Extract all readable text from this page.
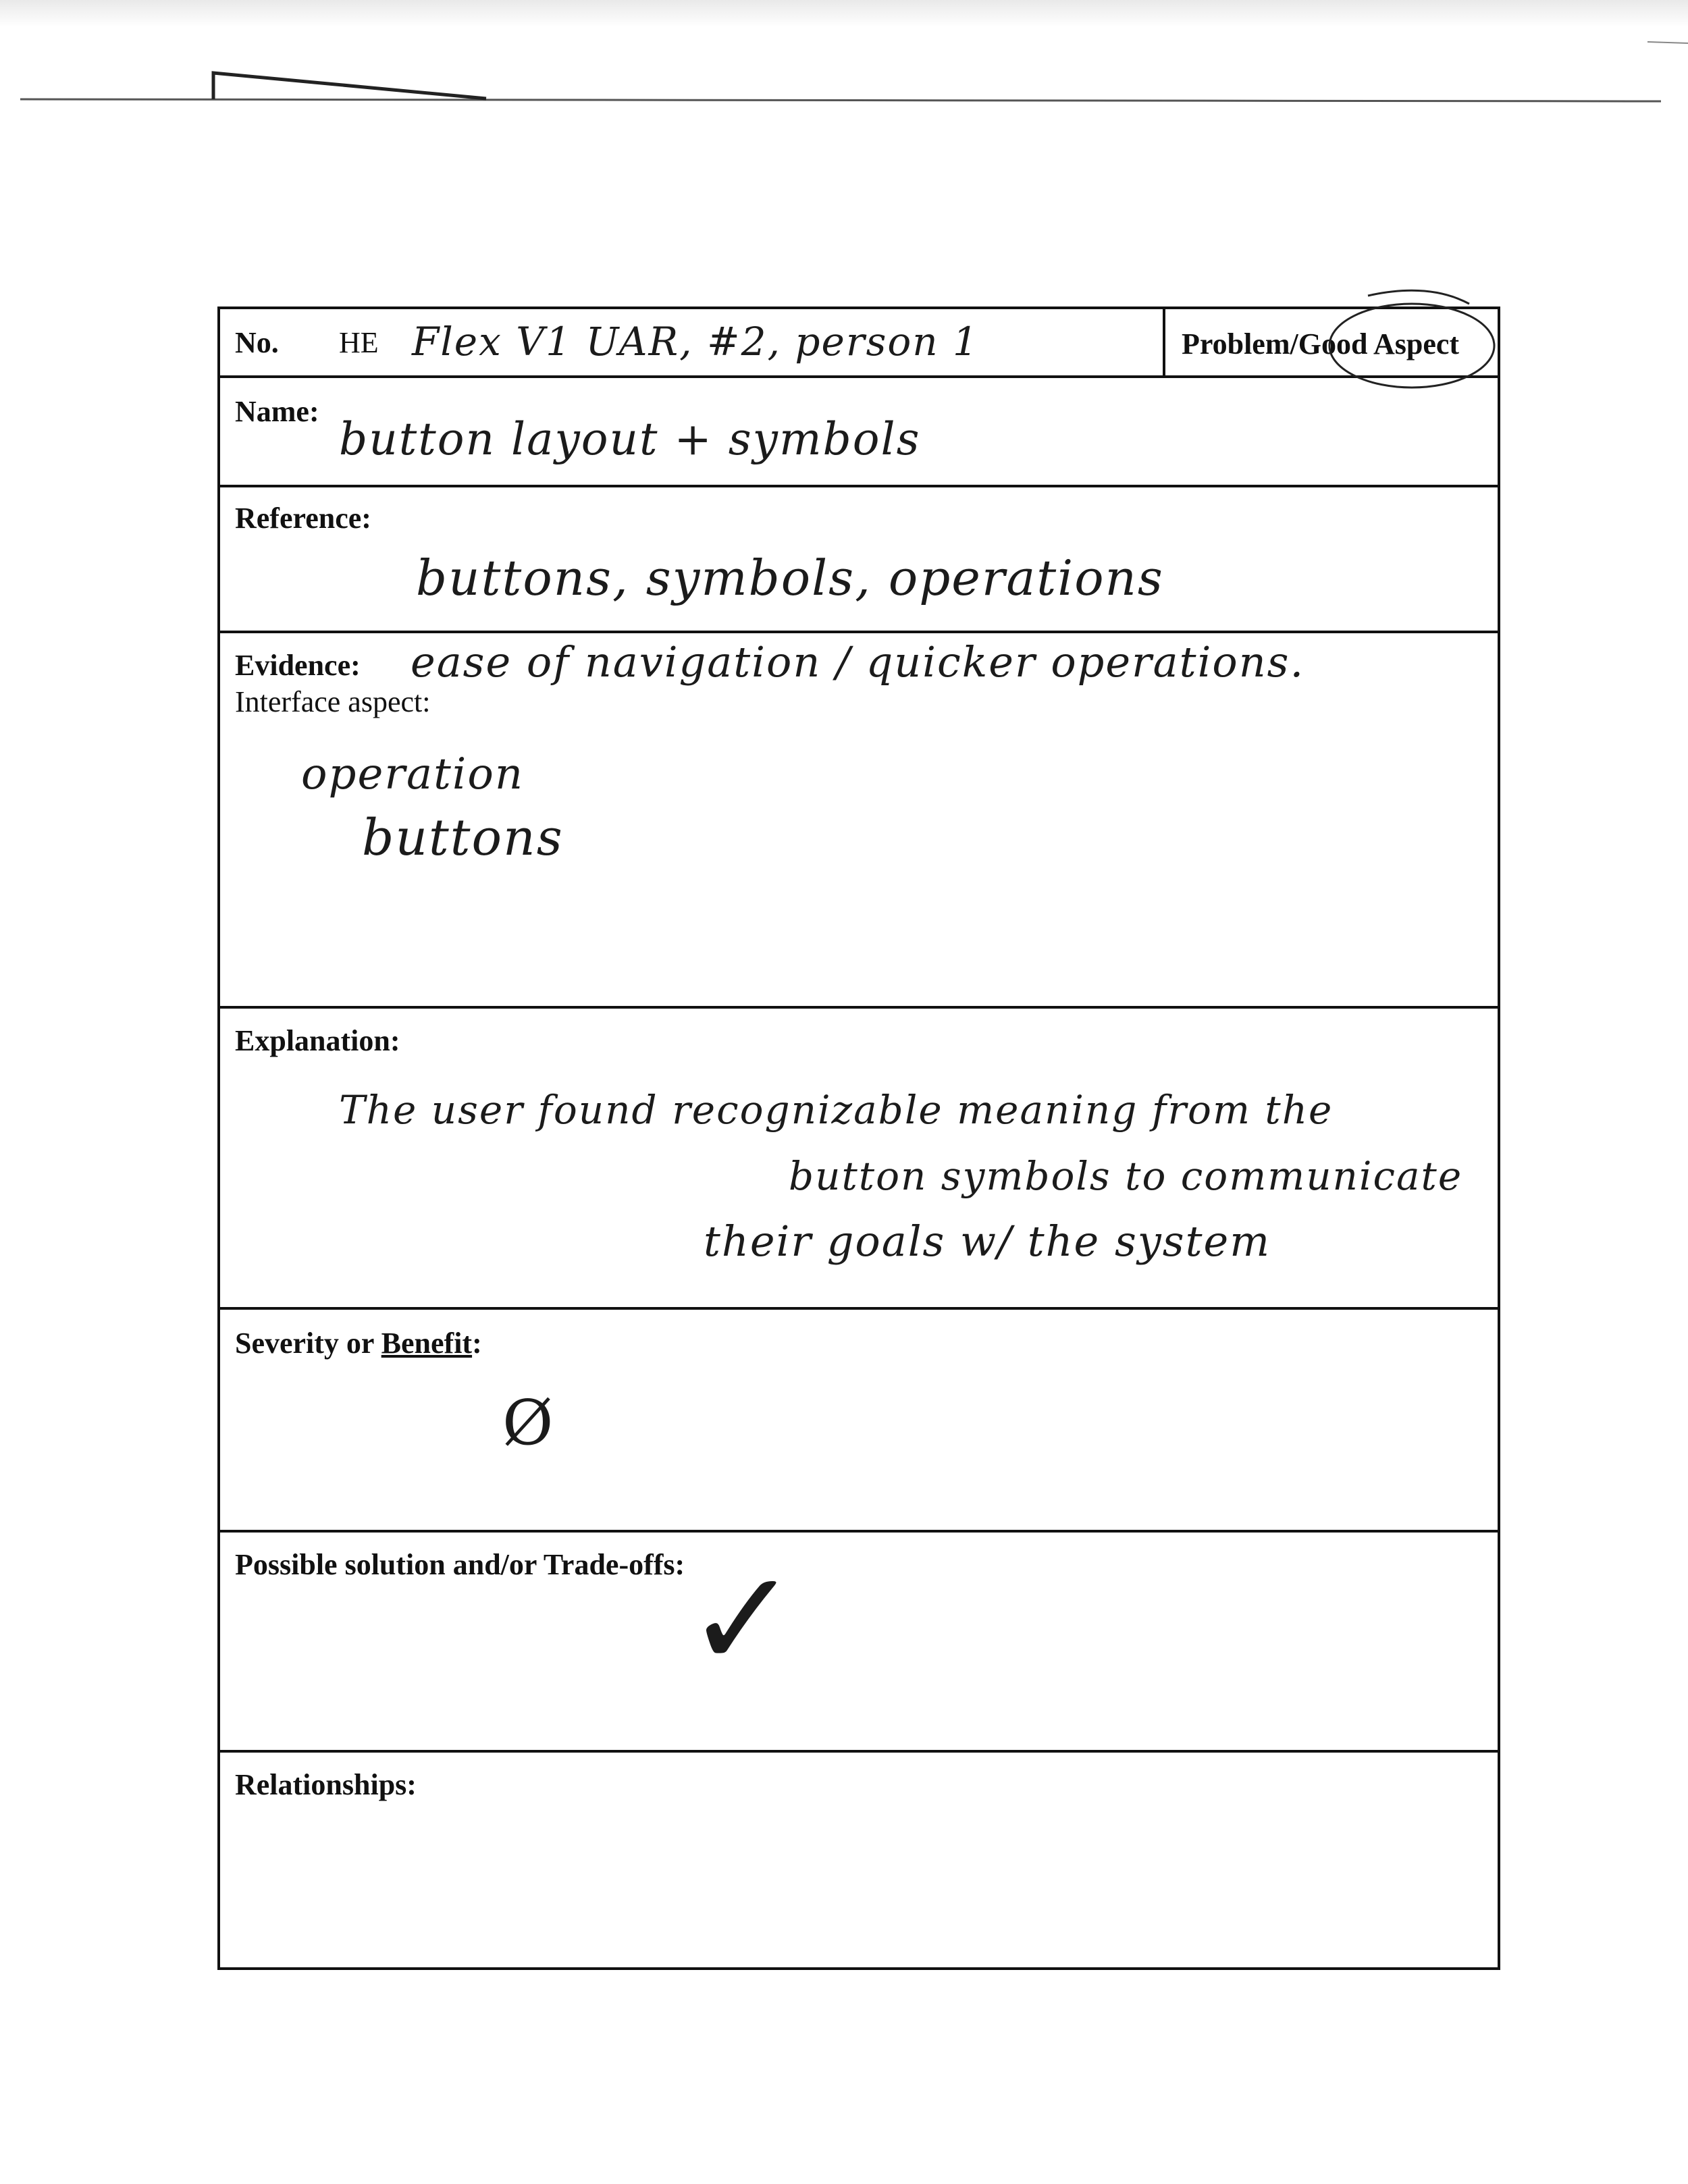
No. HE Flex V1 UAR, #2, person 1	Problem/Good Aspect
Name:
button layout + symbols
Reference:
buttons, symbols, operations
Evidence: ease of navigation / quicker operations.
Interface aspect:
operation
buttons
Explanation:
The user found recognizable meaning from the
button symbols to communicate
their goals w/ the system
Severity or Benefit:
Ø
Possible solution and/or Trade-offs: ✓
Relationships:
